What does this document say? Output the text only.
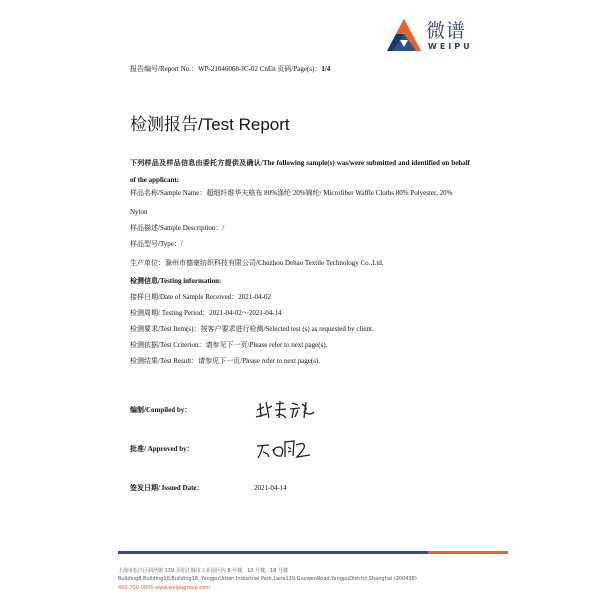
微谱
WEIPU
报告编号/Report No.：WP-21046068-JC-02 CnEn 页码/Page(s)：1/4
检测报告/Test Report
下列样品及样品信息由委托方提供及确认/The following sample(s) was/were submitted and identified on behalf of the applicant:
样品名称/Sample Name：超细纤维华夫格布 80%涤纶 20%锦纶/ Microfiber Waffle Cloths 80% Polyester, 20%
Nylon
样品描述/Sample Description：/
样品型号/Type：/
生产单位：滁州市德豪纺织科技有限公司/Chuzhou Dehao Textile Technology Co.,Ltd.
检测信息/Testing information:
接样日期/Date of Sample Received：2021-04-02
检测周期/ Testing Period：2021-04-02～2021-04-14
检测要求/Test Item(s)：按客户要求进行检测/Selected test (s) as requested by client.
检测依据/Test Criterion：请参见下一页/Please refer to next page(s).
检测结果/Test Result：请参见下一页/Please refer to next page(s).
编制/Compiled by：
批准/ Approved by：
签发日期/ Issued Date：	2021-04-14
上海市松江区洞泾镇 139 弄松江城市工业园区内 8 号楼，10 号楼，18 号楼
Building8,Building10,Building18, YangpuUrban Industrial Park,Lane139,GuowenRoad,YangpuDistrict,Shanghai (200438)
400-700-0005 www.weipugroup.com
